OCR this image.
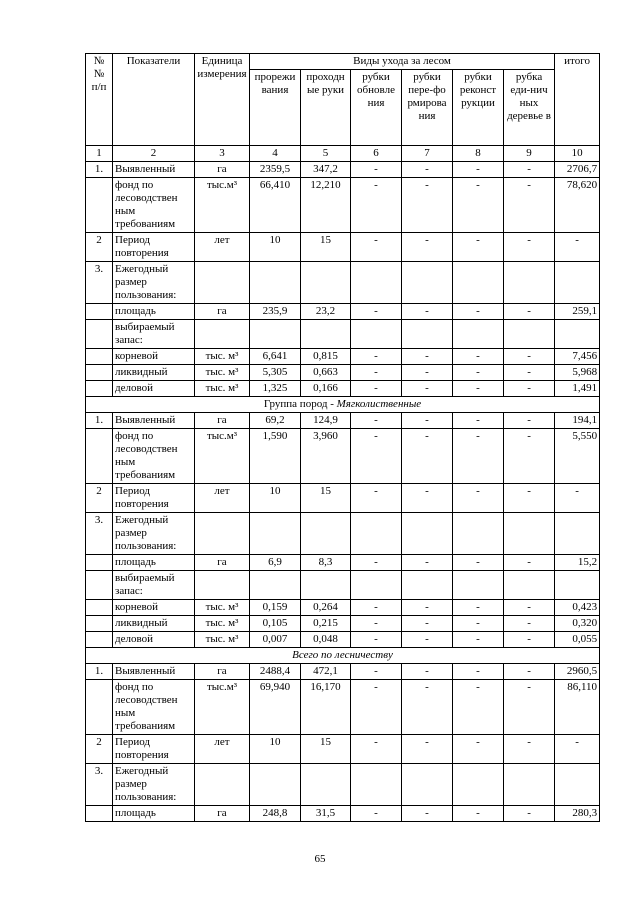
№
№
п/п	Показатели	Единица измерения	Виды ухода за лесом						итого
			прорежи вания	проходн ые руки	рубки обновле ния	рубки пере-фо рмирова ния	рубки реконст рукции	рубка еди-нич ных деревье в	
1	2	3	4	5	6	7	8	9	10
1.	Выявленный	га	2359,5	347,2	-	-	-	-	2706,7
	фонд по лесоводствен ным требованиям	тыс.м³	66,410	12,210	-	-	-	-	78,620
2	Период повторения	лет	10	15	-	-	-	-	-
3.	Ежегодный размер пользования:								
	площадь	га	235,9	23,2	-	-	-	-	259,1
	выбираемый запас:								
	корневой	тыс. м³	6,641	0,815	-	-	-	-	7,456
	ликвидный	тыс. м³	5,305	0,663	-	-	-	-	5,968
	деловой	тыс. м³	1,325	0,166	-	-	-	-	1,491
Группа пород - Мягколиственные									
1.	Выявленный	га	69,2	124,9	-	-	-	-	194,1
	фонд по лесоводствен ным требованиям	тыс.м³	1,590	3,960	-	-	-	-	5,550
2	Период повторения	лет	10	15	-	-	-	-	-
3.	Ежегодный размер пользования:								
	площадь	га	6,9	8,3	-	-	-	-	15,2
	выбираемый запас:								
	корневой	тыс. м³	0,159	0,264	-	-	-	-	0,423
	ликвидный	тыс. м³	0,105	0,215	-	-	-	-	0,320
	деловой	тыс. м³	0,007	0,048	-	-	-	-	0,055
Всего по лесничеству									
1.	Выявленный	га	2488,4	472,1	-	-	-	-	2960,5
	фонд по лесоводствен ным требованиям	тыс.м³	69,940	16,170	-	-	-	-	86,110
2	Период повторения	лет	10	15	-	-	-	-	-
3.	Ежегодный размер пользования:								
	площадь	га	248,8	31,5	-	-	-	-	280,3
65
